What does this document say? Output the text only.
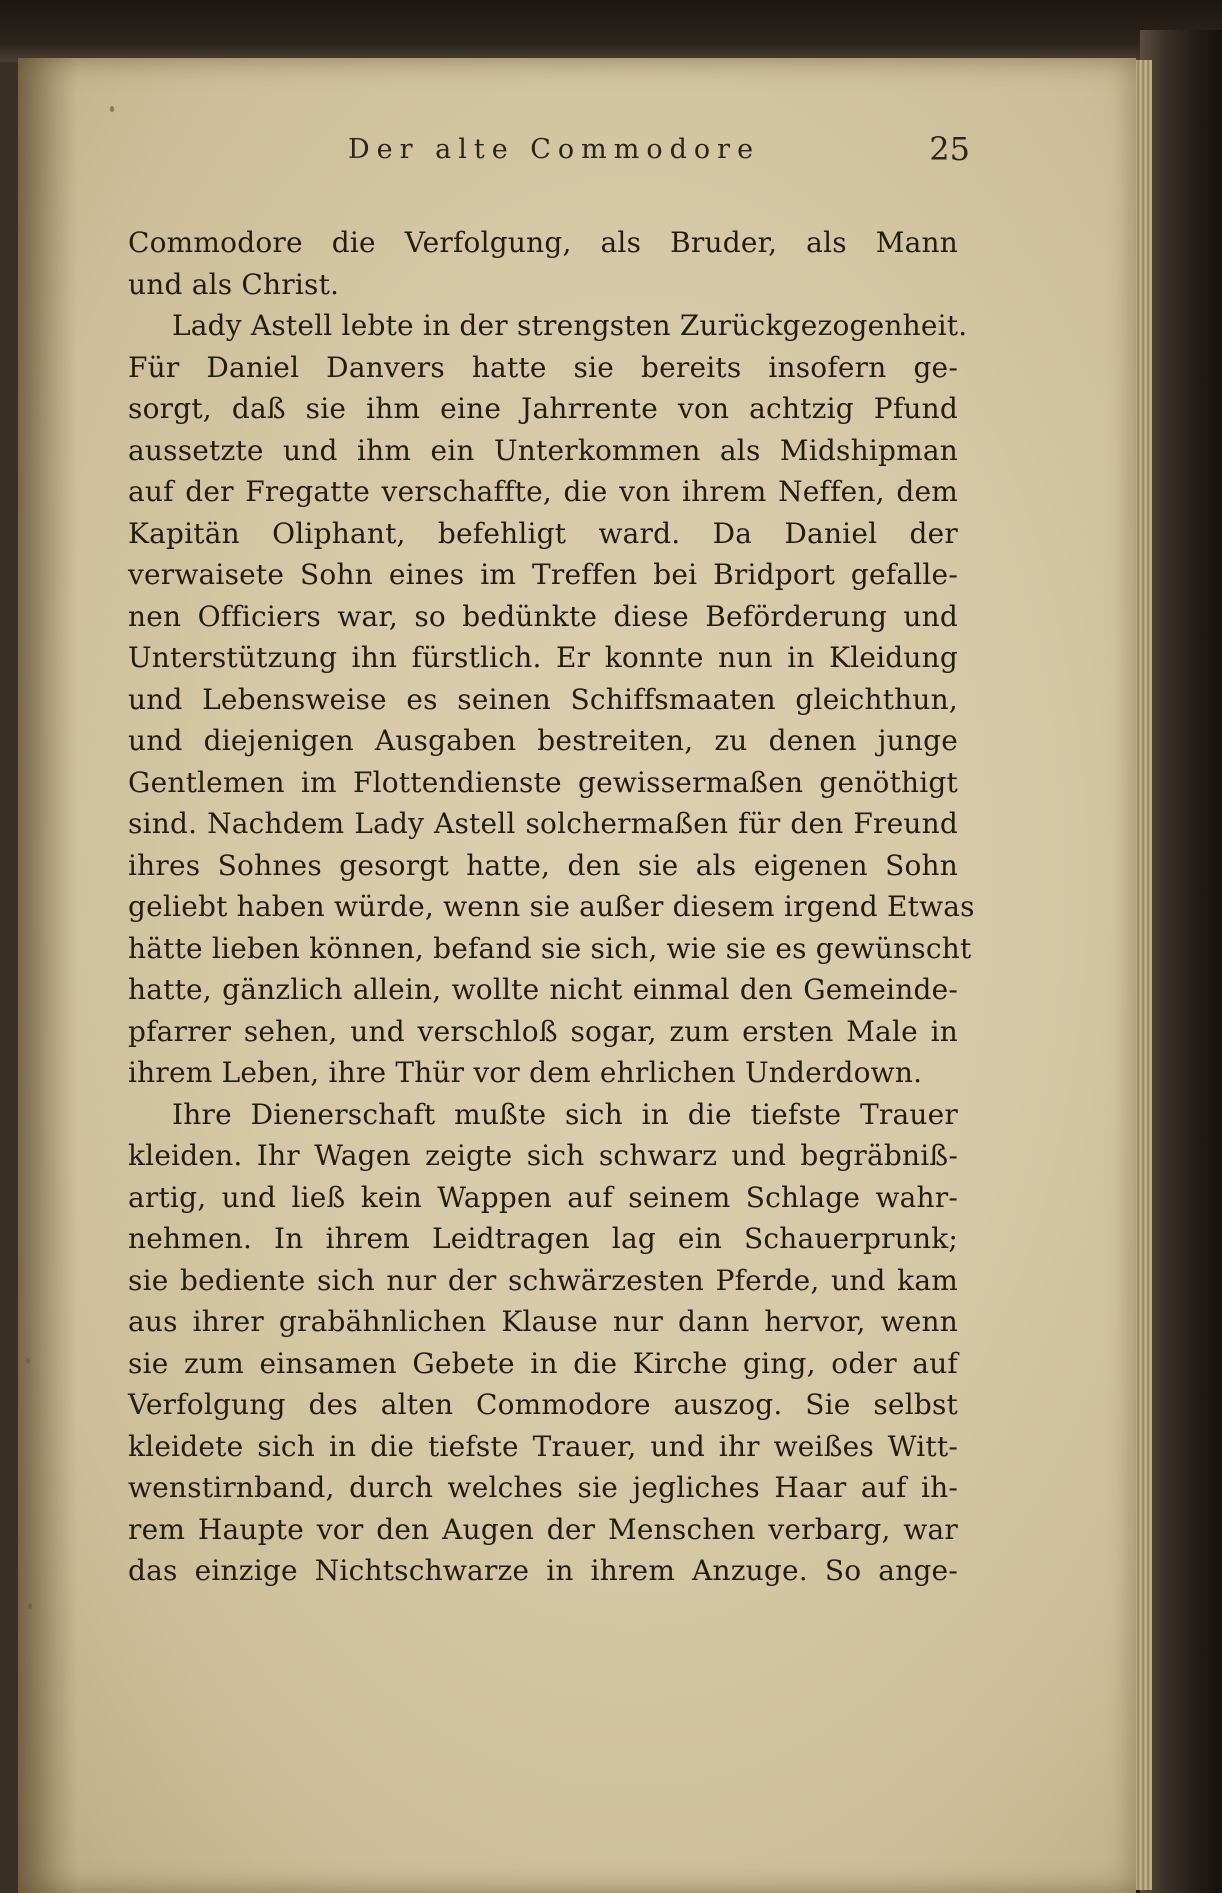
Der alte Commodore	25
Commodore die Verfolgung, als Bruder, als Mann
und als Christ.
Lady Astell lebte in der strengsten Zurückgezogenheit.
Für Daniel Danvers hatte sie bereits insofern ge-
sorgt, daß sie ihm eine Jahrrente von achtzig Pfund
aussetzte und ihm ein Unterkommen als Midshipman
auf der Fregatte verschaffte, die von ihrem Neffen, dem
Kapitän Oliphant, befehligt ward. Da Daniel der
verwaisete Sohn eines im Treffen bei Bridport gefalle-
nen Officiers war, so bedünkte diese Beförderung und
Unterstützung ihn fürstlich. Er konnte nun in Kleidung
und Lebensweise es seinen Schiffsmaaten gleichthun,
und diejenigen Ausgaben bestreiten, zu denen junge
Gentlemen im Flottendienste gewissermaßen genöthigt
sind. Nachdem Lady Astell solchermaßen für den Freund
ihres Sohnes gesorgt hatte, den sie als eigenen Sohn
geliebt haben würde, wenn sie außer diesem irgend Etwas
hätte lieben können, befand sie sich, wie sie es gewünscht
hatte, gänzlich allein, wollte nicht einmal den Gemeinde-
pfarrer sehen, und verschloß sogar, zum ersten Male in
ihrem Leben, ihre Thür vor dem ehrlichen Underdown.
Ihre Dienerschaft mußte sich in die tiefste Trauer
kleiden. Ihr Wagen zeigte sich schwarz und begräbniß-
artig, und ließ kein Wappen auf seinem Schlage wahr-
nehmen. In ihrem Leidtragen lag ein Schauerprunk;
sie bediente sich nur der schwärzesten Pferde, und kam
aus ihrer grabähnlichen Klause nur dann hervor, wenn
sie zum einsamen Gebete in die Kirche ging, oder auf
Verfolgung des alten Commodore auszog. Sie selbst
kleidete sich in die tiefste Trauer, und ihr weißes Witt-
wenstirnband, durch welches sie jegliches Haar auf ih-
rem Haupte vor den Augen der Menschen verbarg, war
das einzige Nichtschwarze in ihrem Anzuge. So ange-
